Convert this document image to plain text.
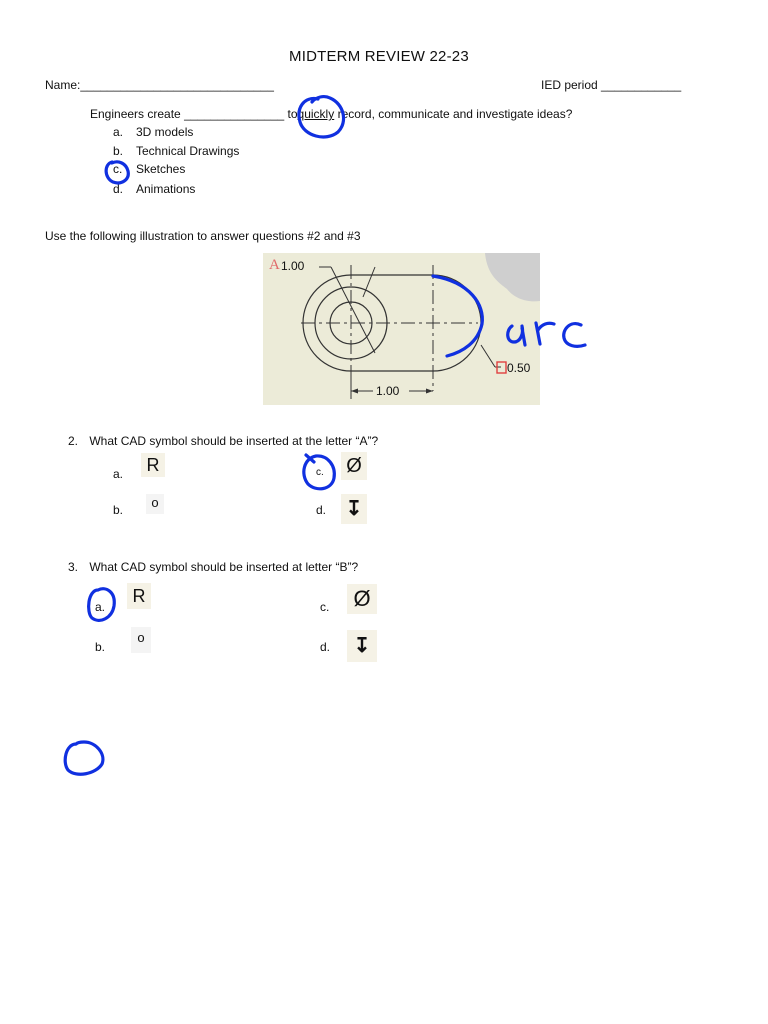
MIDTERM REVIEW 22-23
Name:_____________________________	IED period ____________
Engineers create _______________ toquickly record, communicate and investigate ideas?
a. 3D models
b. Technical Drawings
c. Sketches
d. Animations
Use the following illustration to answer questions #2 and #3
A 1.00
0.50
1.00
2. What CAD symbol should be inserted at the letter “A”?
a.	R
b.	o
c. Ø
d. ↧
3. What CAD symbol should be inserted at letter “B”?
a.
R
b.
o
c. Ø
d.	↧
